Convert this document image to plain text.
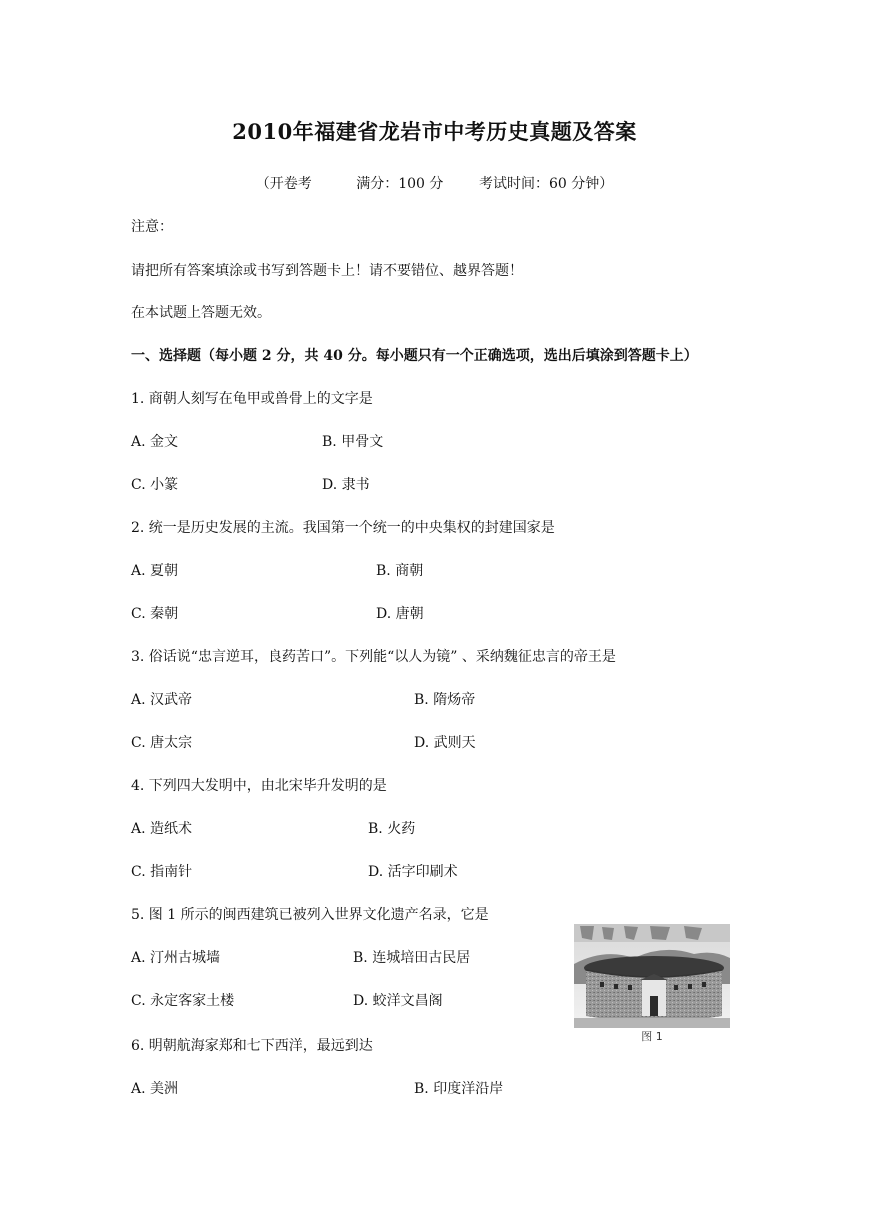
2010年福建省龙岩市中考历史真题及答案
（开卷考          满分：100 分        考试时间：60 分钟）
注意：
请把所有答案填涂或书写到答题卡上！请不要错位、越界答题！
在本试题上答题无效。
一、选择题（每小题 2 分，共 40 分。每小题只有一个正确选项，选出后填涂到答题卡上）
1. 商朝人刻写在龟甲或兽骨上的文字是
A. 金文	B. 甲骨文
C. 小篆	D. 隶书
2. 统一是历史发展的主流。我国第一个统一的中央集权的封建国家是
A. 夏朝	B. 商朝
C. 秦朝	D. 唐朝
3. 俗话说“忠言逆耳，良药苦口”。下列能“以人为镜” 、采纳魏征忠言的帝王是
A. 汉武帝	B. 隋炀帝
C. 唐太宗	D. 武则天
4. 下列四大发明中，由北宋毕升发明的是
A. 造纸术	B. 火药
C. 指南针	D. 活字印刷术
5. 图 1 所示的闽西建筑已被列入世界文化遗产名录，它是
A. 汀州古城墙	B. 连城培田古民居
C. 永定客家土楼	D. 蛟洋文昌阁
图 1
6. 明朝航海家郑和七下西洋，最远到达
A. 美洲	B. 印度洋沿岸
